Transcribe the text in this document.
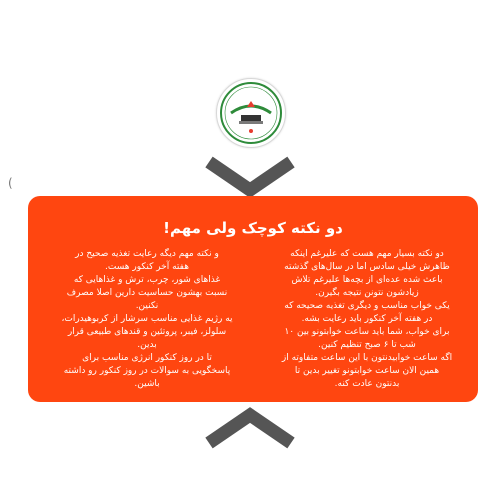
(
دو نکته کوچک ولی مهم!

دو نکته بسیار مهم هست که علیرغم اینکه

ظاهرش خیلی سادس اما در سال‌های گذشته

باعث شده عده‌ای از بچه‌ها علیرغم تلاش

زیادشون نتونن نتیجه بگیرن.

یکی خواب مناسب و دیگری تغذیه صحیحه که

در هفته آخر کنکور باید رعایت بشه.

برای خواب، شما باید ساعت خوابتونو بین ۱۰

شب تا ۶ صبح تنظیم کنین.

اگه ساعت خوابیدنتون با این ساعت متفاوته از

همین الان ساعت خوابتونو تغییر بدین تا

بدنتون عادت کنه.

و نکته مهم دیگه رعایت تغذیه صحیح در

هفته آخر کنکور هست.

غذاهای شور، چرب، ترش و غذاهایی که

نسبت بهشون حساسیت دارین اصلا مصرف

نکنین.

یه رژیم غذایی مناسب سرشار از کربوهیدرات،

سلولز، فیبر، پروتئین و قندهای طبیعی قرار

بدین.

تا در روز کنکور انرژی مناسب برای

پاسخگویی به سوالات در روز کنکور رو داشته

باشین.
